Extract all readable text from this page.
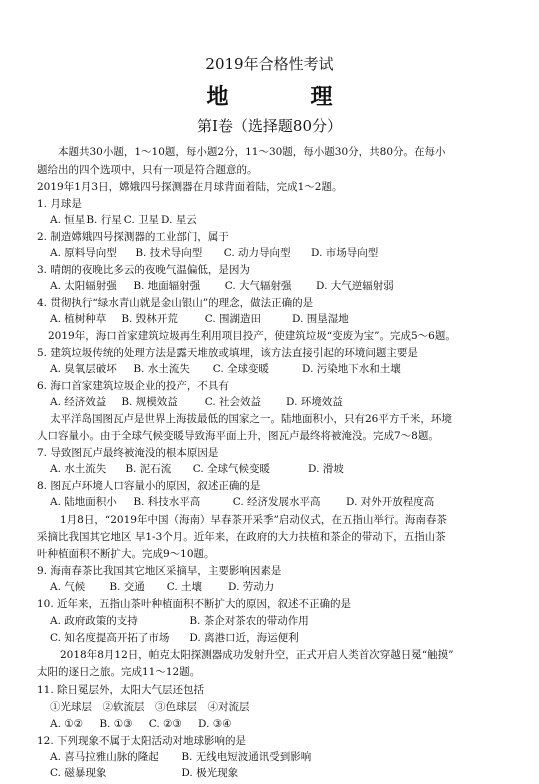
2019年合格性考试
地　理
第Ⅰ卷（选择题80分）
本题共30小题，1～10题，每小题2分，11～30题，每小题30分，共80分。在每小
题给出的四个选项中，只有一项是符合题意的。
2019年1月3日，嫦娥四号探测器在月球背面着陆，完成1～2题。
1. 月球是
A. 恒星 B. 行星 C. 卫星 D. 星云
2. 制造嫦娥四号探测器的工业部门，属于
A. 原料导向型 B. 技术导向型 C. 动力导向型 D. 市场导向型
3. 晴朗的夜晚比多云的夜晚气温偏低，是因为
A. 太阳辐射强 B. 地面辐射强 C. 大气辐射强 D. 大气逆辐射弱
4. 贯彻执行“绿水青山就是金山银山”的理念，做法正确的是
A. 植树种草 B. 毁林开荒	C. 围湖造田	D. 围垦湿地
2019年，海口首家建筑垃圾再生利用项目投产，使建筑垃圾“变废为宝”。完成5～6题。
5. 建筑垃圾传统的处理方法是露天堆放或填埋，该方法直接引起的环境问题主要是
A. 臭氧层破坏 B. 水土流失 C. 全球变暖	D. 污染地下水和土壤
6. 海口首家建筑垃圾企业的投产，不具有
A. 经济效益 B. 规模效益	C. 社会效益 D. 环境效益
太平洋岛国图瓦卢是世界上海拔最低的国家之一。陆地面积小，只有26平方千米，环境
人口容量小。由于全球气候变暖导致海平面上升，图瓦卢最终将被淹没。完成7～8题。
7. 导致图瓦卢最终被淹没的根本原因是
A. 水土流失 B. 泥石流 C. 全球气候变暖	D. 滑坡
8. 图瓦卢环境人口容量小的原因，叙述正确的是
A. 陆地面积小 B. 科技水平高	C. 经济发展水平高 D. 对外开放程度高
1月8日，“2019年中国（海南）早春茶开采季”启动仪式，在五指山举行。海南春茶
采摘比我国其它地区 早1-3个月。近年来，在政府的大力扶植和茶企的带动下，五指山茶
叶种植面积不断扩大。完成9～10题。
9. 海南春茶比我国其它地区采摘早，主要影响因素是
A. 气候 B. 交通 C. 土壤 D. 劳动力
10. 近年来，五指山茶叶种植面积不断扩大的原因，叙述不正确的是
A. 政府政策的支持	B. 茶企对茶农的带动作用
C. 知名度提高开拓了市场 D. 离港口近，海运便利
2018年8月12日，帕克太阳探测器成功发射升空，正式开启人类首次穿越日冕“触摸”
太阳的逐日之旅。完成11～12题。
11. 除日冕层外，太阳大气层还包括
①光球层　②软流层　③色球层　④对流层
A. ①② B. ①③ C. ②③ D. ③④
12. 下列现象不属于太阳活动对地球影响的是
A. 喜马拉雅山脉的隆起 B. 无线电短波通讯受到影响
C. 磁暴现象	D. 极光现象
